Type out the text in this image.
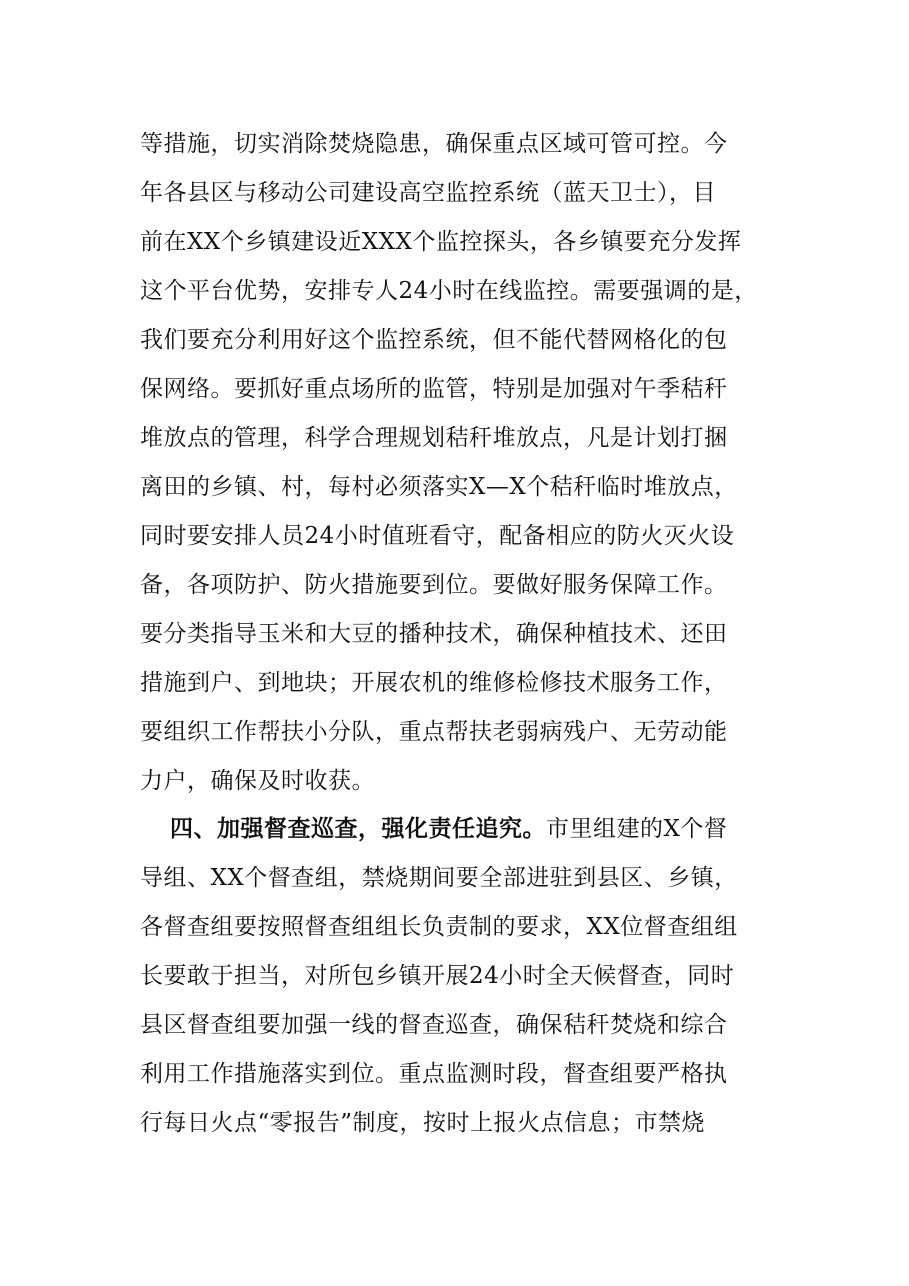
等措施，切实消除焚烧隐患，确保重点区域可管可控。今
年各县区与移动公司建设高空监控系统（蓝天卫士），目
前在XX个乡镇建设近XXX个监控探头，各乡镇要充分发挥
这个平台优势，安排专人24小时在线监控。需要强调的是，
我们要充分利用好这个监控系统，但不能代替网格化的包
保网络。要抓好重点场所的监管，特别是加强对午季秸秆
堆放点的管理，科学合理规划秸秆堆放点，凡是计划打捆
离田的乡镇、村，每村必须落实X—X个秸秆临时堆放点，
同时要安排人员24小时值班看守，配备相应的防火灭火设
备，各项防护、防火措施要到位。要做好服务保障工作。
要分类指导玉米和大豆的播种技术，确保种植技术、还田
措施到户、到地块；开展农机的维修检修技术服务工作，
要组织工作帮扶小分队，重点帮扶老弱病残户、无劳动能
力户，确保及时收获。
四、加强督查巡查，强化责任追究。市里组建的X个督
导组、XX个督查组，禁烧期间要全部进驻到县区、乡镇，
各督查组要按照督查组组长负责制的要求，XX位督查组组
长要敢于担当，对所包乡镇开展24小时全天候督查，同时
县区督查组要加强一线的督查巡查，确保秸秆焚烧和综合
利用工作措施落实到位。重点监测时段，督查组要严格执
行每日火点“零报告”制度，按时上报火点信息；市禁烧
